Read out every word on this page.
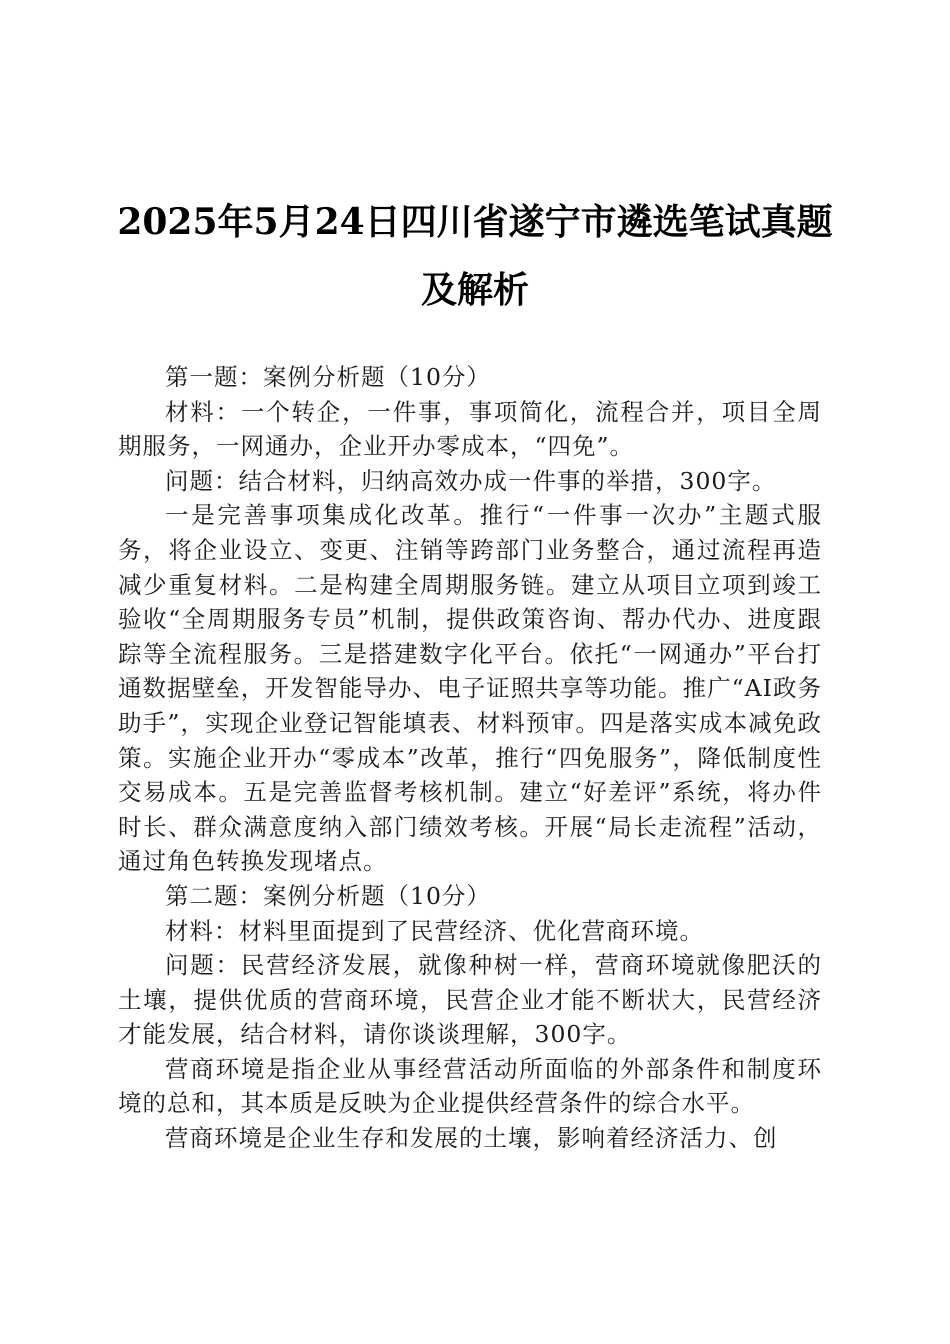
2025年5月24日四川省遂宁市遴选笔试真题
及解析

第一题：案例分析题（10分）

材料：一个转企，一件事，事项简化，流程合并，项目全周期服务，一网通办，企业开办零成本，“四免”。

问题：结合材料，归纳高效办成一件事的举措，300字。

一是完善事项集成化改革。推行“一件事一次办”主题式服务，将企业设立、变更、注销等跨部门业务整合，通过流程再造减少重复材料。二是构建全周期服务链。建立从项目立项到竣工验收“全周期服务专员”机制，提供政策咨询、帮办代办、进度跟踪等全流程服务。三是搭建数字化平台。依托“一网通办”平台打通数据壁垒，开发智能导办、电子证照共享等功能。推广“AI政务助手”，实现企业登记智能填表、材料预审。四是落实成本减免政策。实施企业开办“零成本”改革，推行“四免服务”，降低制度性交易成本。五是完善监督考核机制。建立“好差评”系统，将办件时长、群众满意度纳入部门绩效考核。开展“局长走流程”活动，通过角色转换发现堵点。

第二题：案例分析题（10分）

材料：材料里面提到了民营经济、优化营商环境。

问题：民营经济发展，就像种树一样，营商环境就像肥沃的土壤，提供优质的营商环境，民营企业才能不断状大，民营经济才能发展，结合材料，请你谈谈理解，300字。

营商环境是指企业从事经营活动所面临的外部条件和制度环境的总和，其本质是反映为企业提供经营条件的综合水平。

营商环境是企业生存和发展的土壤，影响着经济活力、创
